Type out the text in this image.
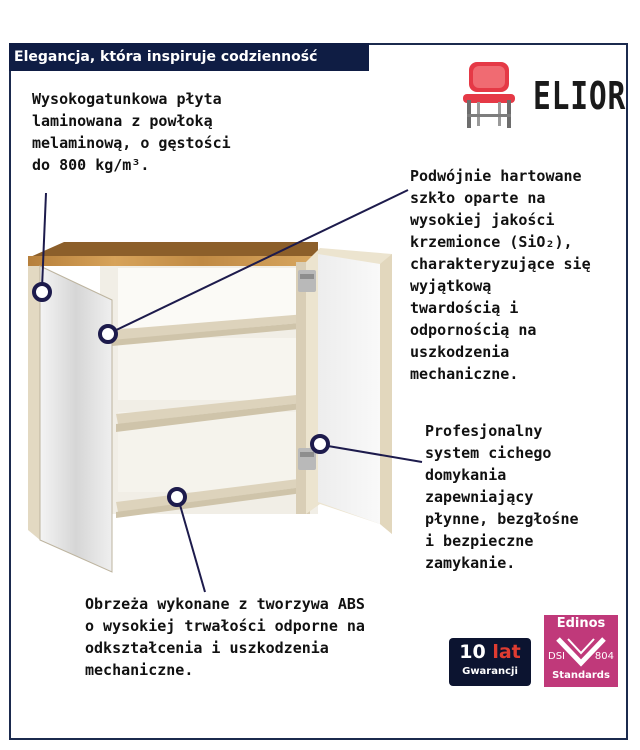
Elegancja, która inspiruje codzienność
ELIOR
Wysokogatunkowa płyta
laminowana z powłoką
melaminową, o gęstości
do 800 kg/m³.
Podwójnie hartowane
szkło oparte na
wysokiej jakości
krzemionce (SiO₂),
charakteryzujące się
wyjątkową
twardością i
odpornością na
uszkodzenia
mechaniczne.
Profesjonalny
system cichego
domykania
zapewniający
płynne, bezgłośne
i bezpieczne
zamykanie.
Obrzeża wykonane z tworzywa ABS
o wysokiej trwałości odporne na
odkształcenia i uszkodzenia
mechaniczne.
10 lat
Gwarancji
Edinos
DSI	804
Standards
